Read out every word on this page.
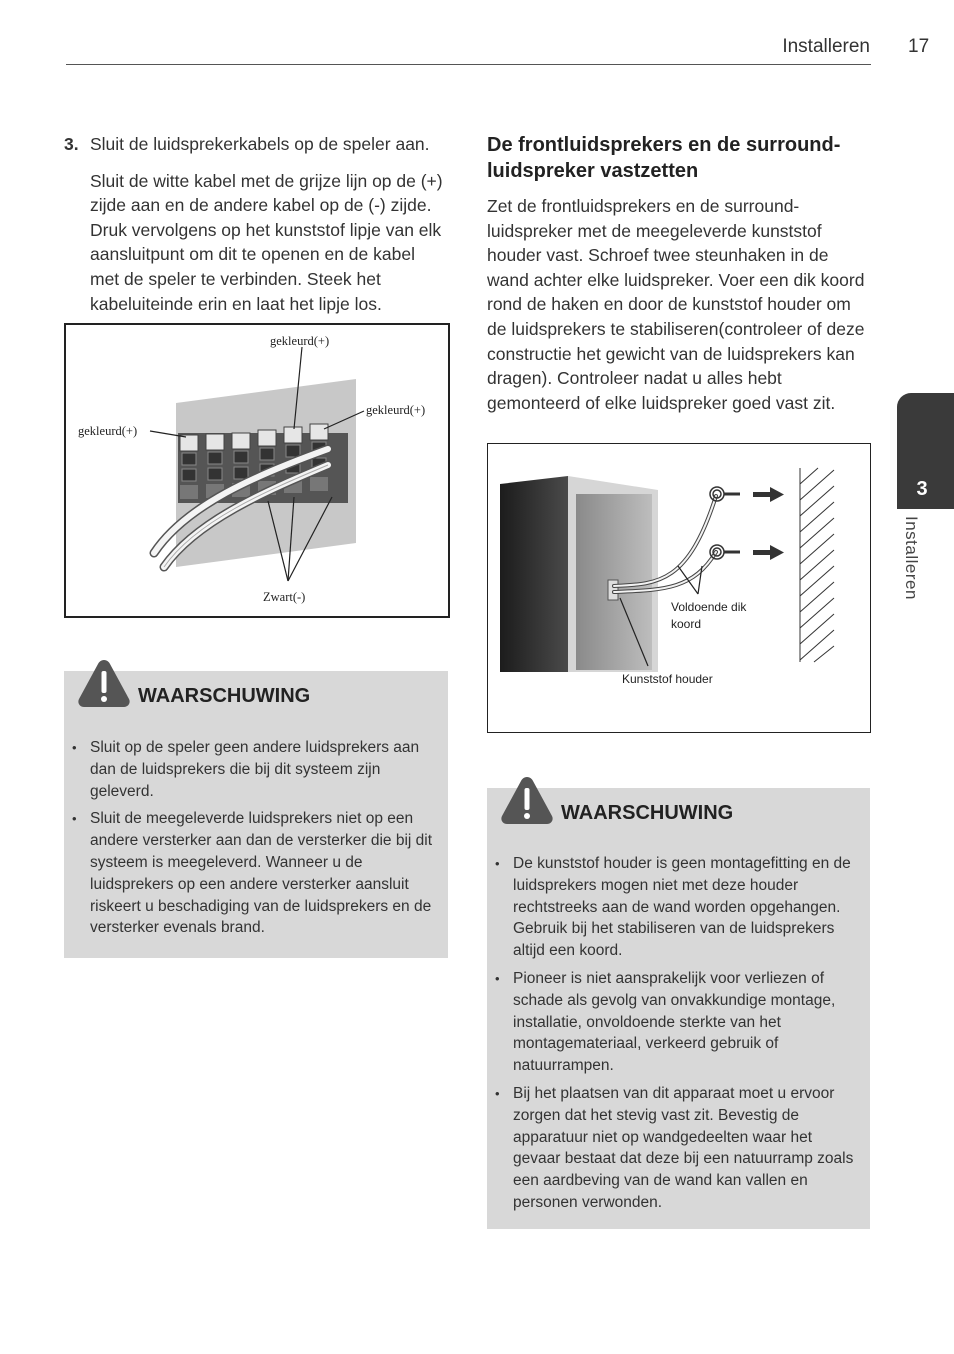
Installeren 17
3. Sluit de luidsprekerkabels op de speler aan.

Sluit de witte kabel met de grijze lijn op de (+) zijde aan en de andere kabel op de (-) zijde. Druk vervolgens op het kunststof lipje van elk aansluitpunt om dit te openen en de kabel met de speler te verbinden. Steek het kabeluiteinde erin en laat het lipje los.

gekleurd(+)
gekleurd(+)
gekleurd(+)
Zwart(-)
WAARSCHUWING
• Sluit op de speler geen andere luidsprekers aan dan de luidsprekers die bij dit systeem zijn geleverd.
• Sluit de meegeleverde luidsprekers niet op een andere versterker aan dan de versterker die bij dit systeem is meegeleverd. Wanneer u de luidsprekers op een andere versterker aansluit riskeert u beschadiging van de luidsprekers en de versterker evenals brand.
De frontluidsprekers en de surround-luidspreker vastzetten

Zet de frontluidsprekers en de surround-luidspreker met de meegeleverde kunststof houder vast. Schroef twee steunhaken in de wand achter elke luidspreker. Voer een dik koord rond de haken en door de kunststof houder om de luidsprekers te stabiliseren(controleer of deze constructie het gewicht van de luidsprekers kan dragen). Controleer nadat u alles hebt gemonteerd of elke luidspreker goed vast zit.

Voldoende dik
koord
Kunststof houder
WAARSCHUWING
• De kunststof houder is geen montagefitting en de luidsprekers mogen niet met deze houder rechtstreeks aan de wand worden opgehangen. Gebruik bij het stabiliseren van de luidsprekers altijd een koord.
• Pioneer is niet aansprakelijk voor verliezen of schade als gevolg van onvakkundige montage, installatie, onvoldoende sterkte van het montagemateriaal, verkeerd gebruik of natuurrampen.
• Bij het plaatsen van dit apparaat moet u ervoor zorgen dat het stevig vast zit. Bevestig de apparatuur niet op wandgedeelten waar het gevaar bestaat dat deze bij een natuurramp zoals een aardbeving van de wand kan vallen en personen verwonden.
3
Installeren
